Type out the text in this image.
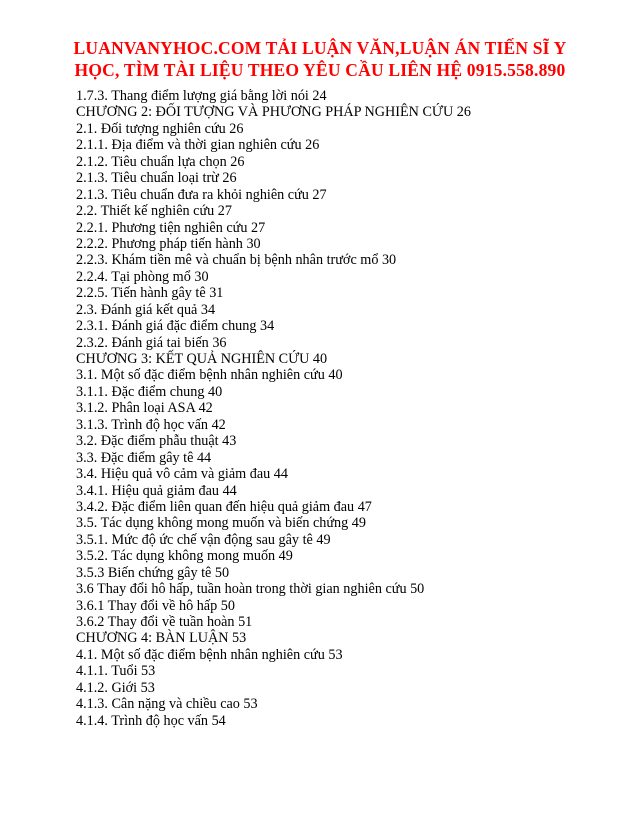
LUANVANYHOC.COM TẢI LUẬN VĂN,LUẬN ÁN TIẾN SĨ Y
HỌC, TÌM TÀI LIỆU THEO YÊU CẦU LIÊN HỆ 0915.558.890
1.7.3. Thang điểm lượng giá bằng lời nói 24
CHƯƠNG 2: ĐỐI TƯỢNG VÀ PHƯƠNG PHÁP NGHIÊN CỨU 26
2.1. Đối tượng nghiên cứu 26
2.1.1. Địa điểm và thời gian nghiên cứu 26
2.1.2. Tiêu chuẩn lựa chọn 26
2.1.3. Tiêu chuẩn loại trừ 26
2.1.3. Tiêu chuẩn đưa ra khỏi nghiên cứu 27
2.2. Thiết kế nghiên cứu 27
2.2.1. Phương tiện nghiên cứu 27
2.2.2. Phương pháp tiến hành 30
2.2.3. Khám tiền mê và chuẩn bị bệnh nhân trước mổ 30
2.2.4. Tại phòng mổ 30
2.2.5. Tiến hành gây tê 31
2.3. Đánh giá kết quả 34
2.3.1. Đánh giá đặc điểm chung 34
2.3.2. Đánh giá tai biến 36
CHƯƠNG 3: KẾT QUẢ NGHIÊN CỨU 40
3.1. Một số đặc điểm bệnh nhân nghiên cứu 40
3.1.1. Đặc điểm chung 40
3.1.2. Phân loại ASA 42
3.1.3. Trình độ học vấn 42
3.2. Đặc điểm phẫu thuật 43
3.3. Đặc điểm gây tê 44
3.4. Hiệu quả vô cảm và giảm đau 44
3.4.1. Hiệu quả giảm đau 44
3.4.2. Đặc điểm liên quan đến hiệu quả giảm đau 47
3.5. Tác dụng không mong muốn và biến chứng 49
3.5.1. Mức độ ức chế vận động sau gây tê 49
3.5.2. Tác dụng không mong muốn 49
3.5.3 Biến chứng gây tê 50
3.6 Thay đổi hô hấp, tuần hoàn trong thời gian nghiên cứu 50
3.6.1 Thay đổi về hô hấp 50
3.6.2 Thay đổi về tuần hoàn 51
CHƯƠNG 4: BÀN LUẬN 53
4.1. Một số đặc điểm bệnh nhân nghiên cứu 53
4.1.1. Tuổi 53
4.1.2. Giới 53
4.1.3. Cân nặng và chiều cao 53
4.1.4. Trình độ học vấn 54
